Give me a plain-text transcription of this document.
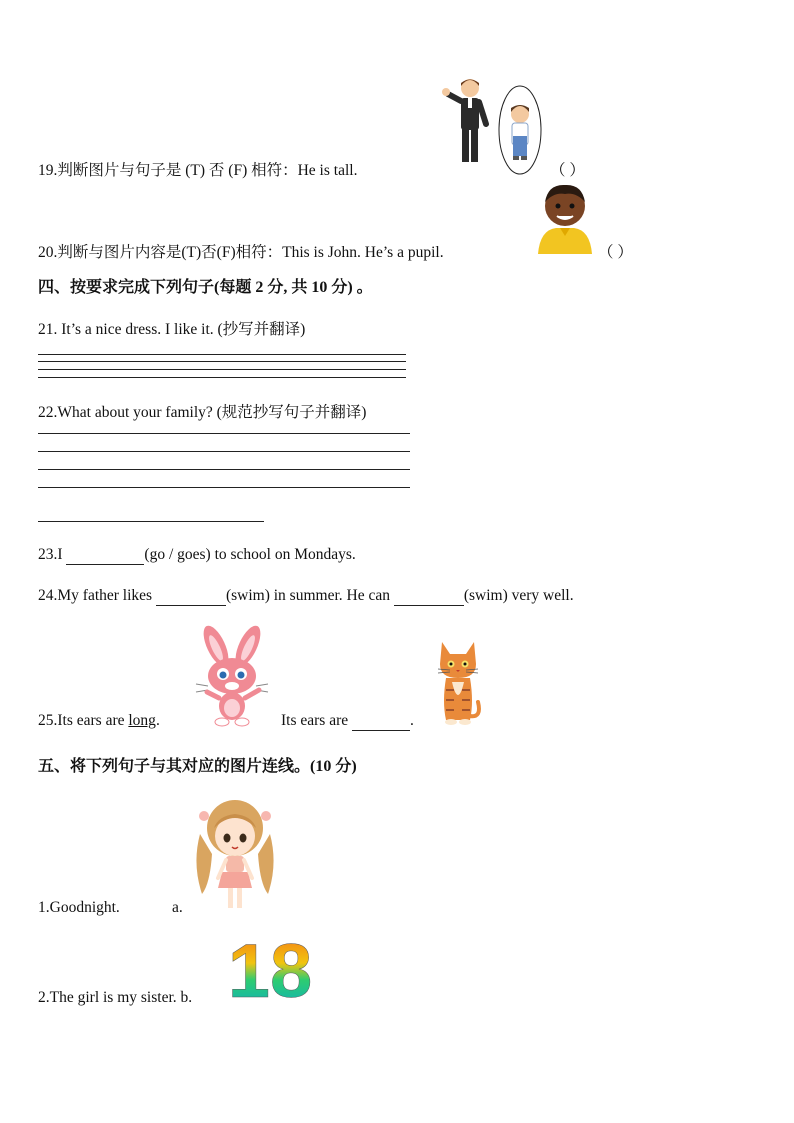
19.判断图片与句子是 (T) 否 (F) 相符：He is tall.	（ ）
20.判断与图片内容是(T)否(F)相符：This is John. He’s a pupil.	（ ）
四、按要求完成下列句子(每题 2 分, 共 10 分) 。
21. It’s a nice dress. I like it. (抄写并翻译)
22.What about your family? (规范抄写句子并翻译)
23.I	(go / goes) to school on Mondays.
24.My father likes	(swim) in summer. He can	(swim) very well.
25.Its ears are long.	Its ears are	.
五、将下列句子与其对应的图片连线。(10 分)
1.Goodnight.	a.
2.The girl is my sister. b. 18
